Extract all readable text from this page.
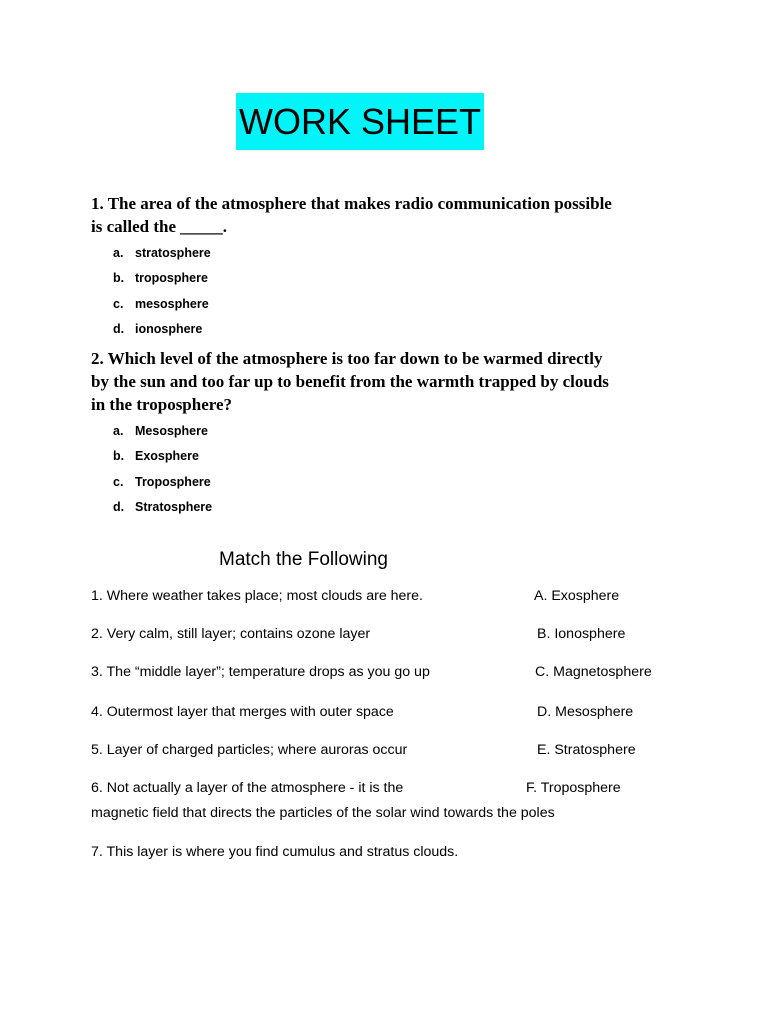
WORK SHEET
1. The area of the atmosphere that makes radio communication possible
is called the _____.
a. stratosphere
b. troposphere
c. mesosphere
d. ionosphere
2. Which level of the atmosphere is too far down to be warmed directly
by the sun and too far up to benefit from the warmth trapped by clouds
in the troposphere?
a. Mesosphere
b. Exosphere
c. Troposphere
d. Stratosphere
Match the Following
1. Where weather takes place; most clouds are here.	A. Exosphere
2. Very calm, still layer; contains ozone layer	B. Ionosphere
3. The “middle layer”; temperature drops as you go up	C. Magnetosphere
4. Outermost layer that merges with outer space	D. Mesosphere
5. Layer of charged particles; where auroras occur	E. Stratosphere
6. Not actually a layer of the atmosphere - it is the	F. Troposphere
magnetic field that directs the particles of the solar wind towards the poles
7. This layer is where you find cumulus and stratus clouds.
